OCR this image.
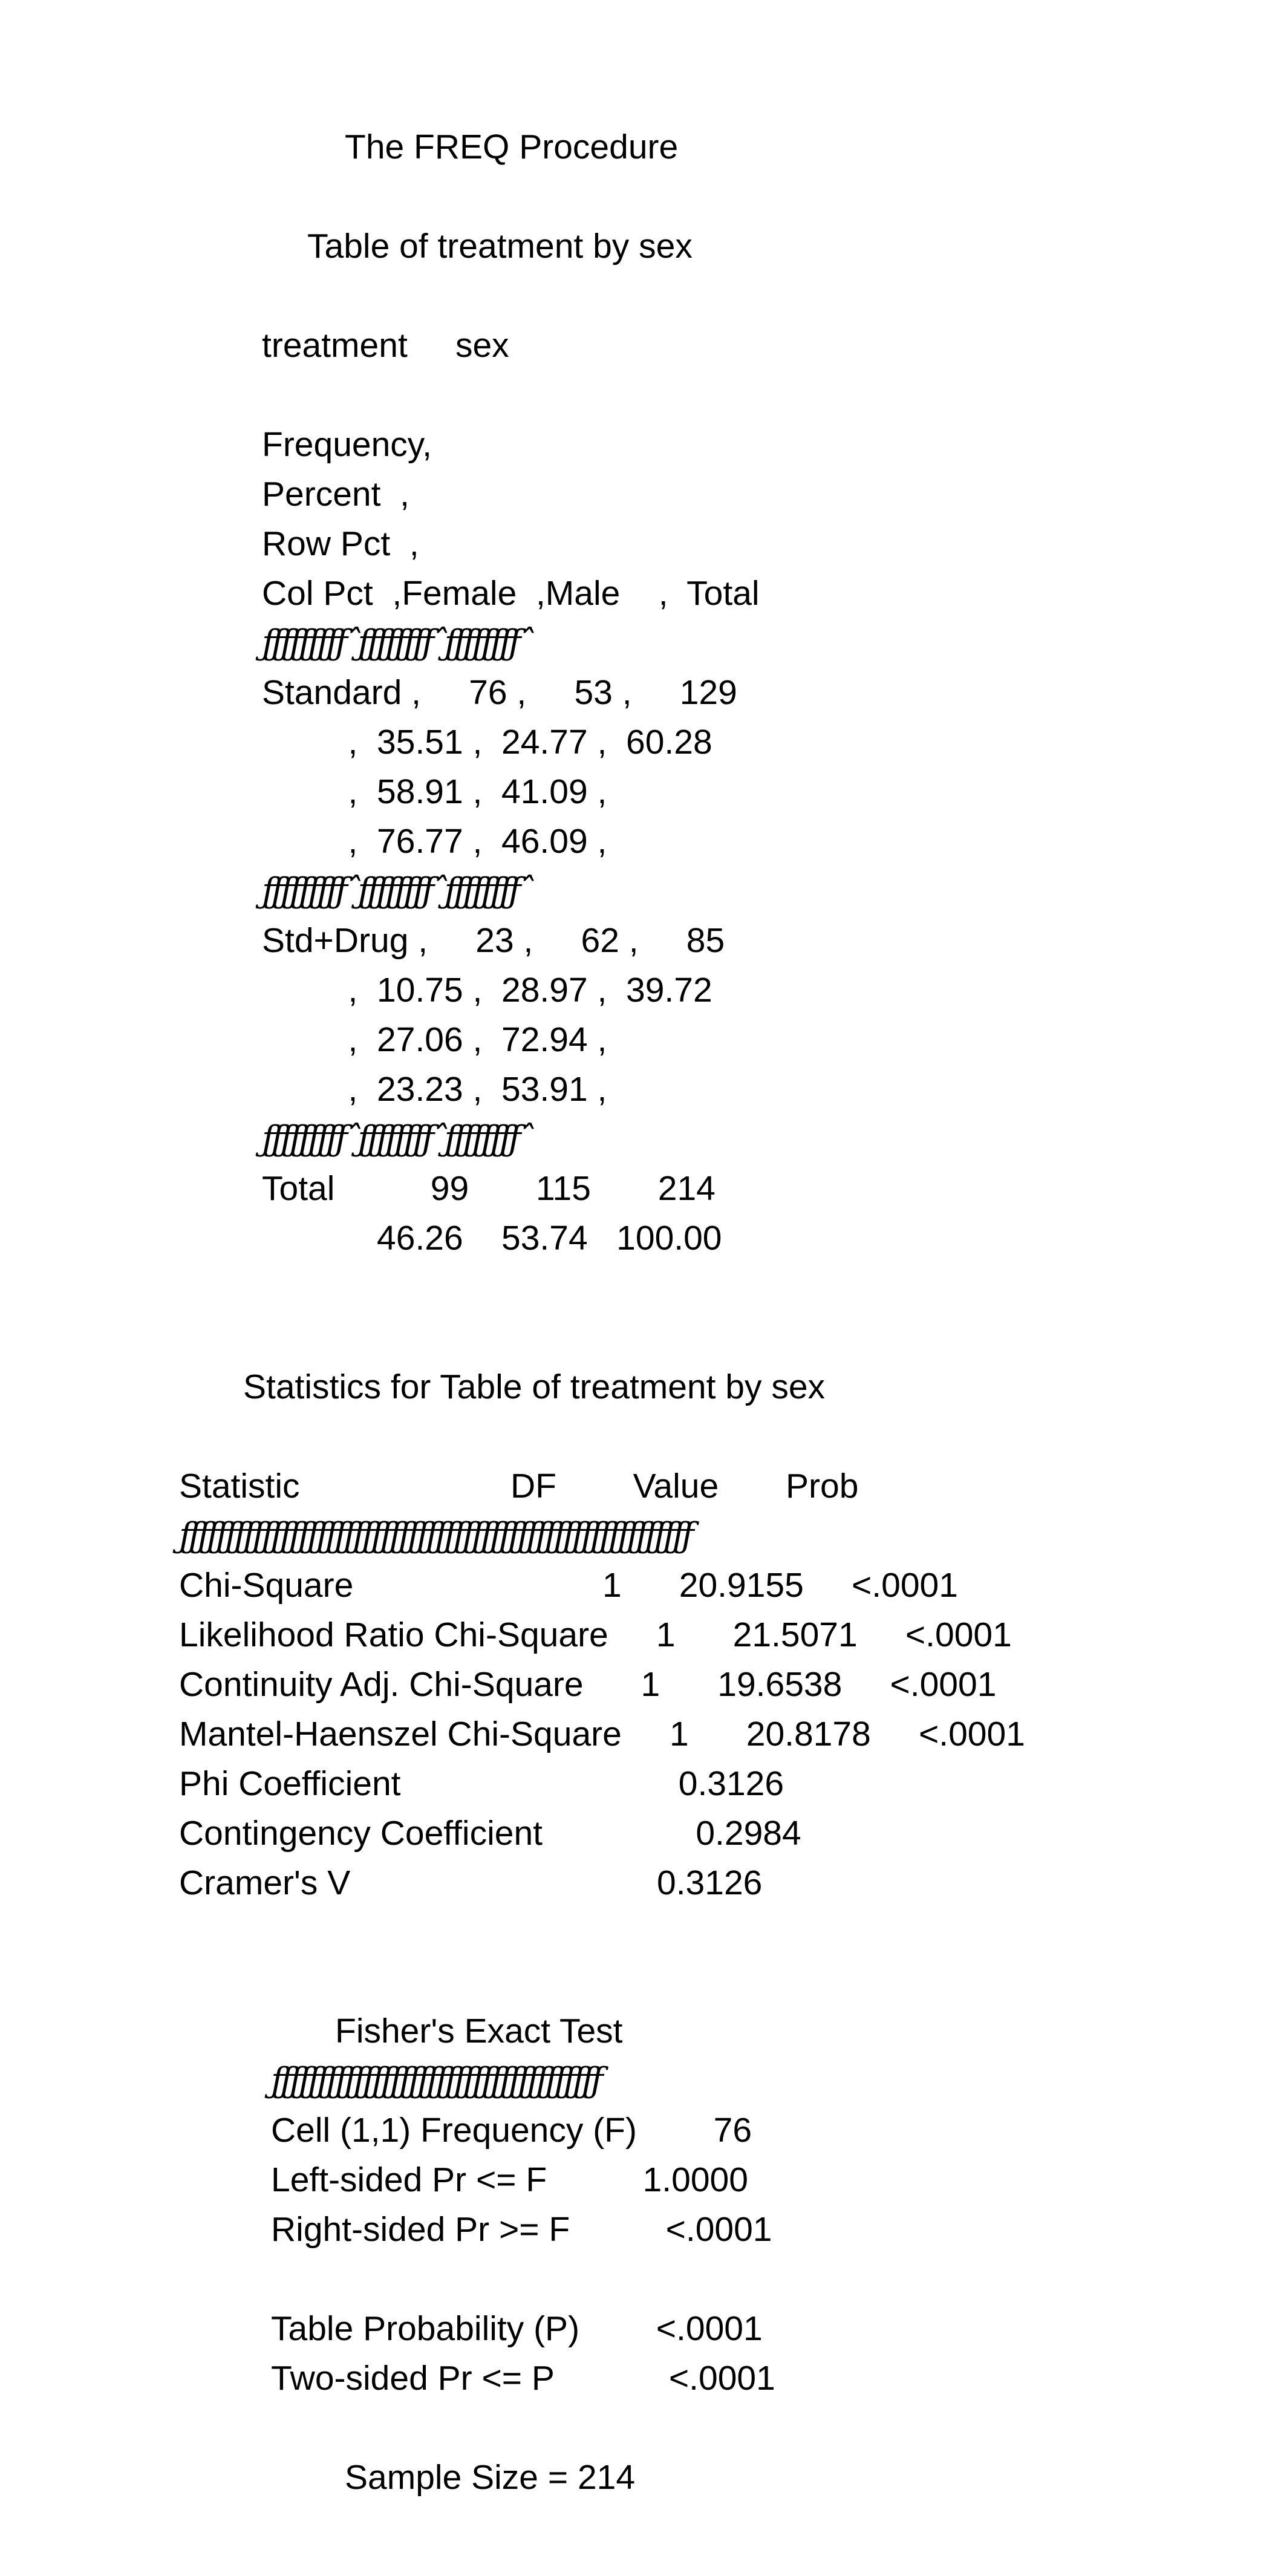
The FREQ Procedure
Table of treatment by sex
treatment     sex
Frequency,
Percent  ,
Row Pct  ,
Col Pct  ,Female  ,Male    ,  Total
ƒƒƒƒƒƒƒƒƒˆƒƒƒƒƒƒƒƒˆƒƒƒƒƒƒƒƒˆ
Standard ,     76 ,     53 ,     129
,  35.51 ,  24.77 ,  60.28
,  58.91 ,  41.09 ,
,  76.77 ,  46.09 ,
ƒƒƒƒƒƒƒƒƒˆƒƒƒƒƒƒƒƒˆƒƒƒƒƒƒƒƒˆ
Std+Drug ,     23 ,     62 ,     85
,  10.75 ,  28.97 ,  39.72
,  27.06 ,  72.94 ,
,  23.23 ,  53.91 ,
ƒƒƒƒƒƒƒƒƒˆƒƒƒƒƒƒƒƒˆƒƒƒƒƒƒƒƒˆ
Total          99       115       214
46.26    53.74   100.00
Statistics for Table of treatment by sex
Statistic                      DF        Value       Prob
ƒƒƒƒƒƒƒƒƒƒƒƒƒƒƒƒƒƒƒƒƒƒƒƒƒƒƒƒƒƒƒƒƒƒƒƒƒƒƒƒƒƒƒƒƒƒƒƒƒƒƒƒƒƒƒƒ
Chi-Square                          1      20.9155     <.0001
Likelihood Ratio Chi-Square     1      21.5071     <.0001
Continuity Adj. Chi-Square      1      19.6538     <.0001
Mantel-Haenszel Chi-Square     1      20.8178     <.0001
Phi Coefficient                             0.3126
Contingency Coefficient                0.2984
Cramer's V                                0.3126
Fisher's Exact Test
ƒƒƒƒƒƒƒƒƒƒƒƒƒƒƒƒƒƒƒƒƒƒƒƒƒƒƒƒƒƒƒƒƒƒƒƒ
Cell (1,1) Frequency (F)        76
Left-sided Pr <= F          1.0000
Right-sided Pr >= F          <.0001
Table Probability (P)        <.0001
Two-sided Pr <= P            <.0001
Sample Size = 214
